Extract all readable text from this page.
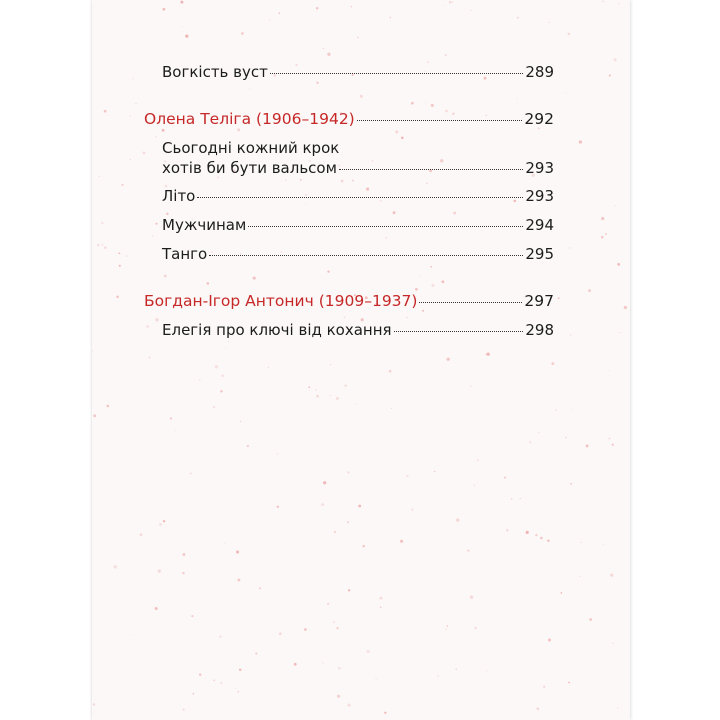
Вогкість вуст	289
Олена Теліга (1906–1942)	292
Сьогодні кожний крок
хотів би бути вальсом	293
Літо	293
Мужчинам	294
Танго	295
Богдан-Ігор Антонич (1909–1937)	297
Елегія про ключі від кохання	298
